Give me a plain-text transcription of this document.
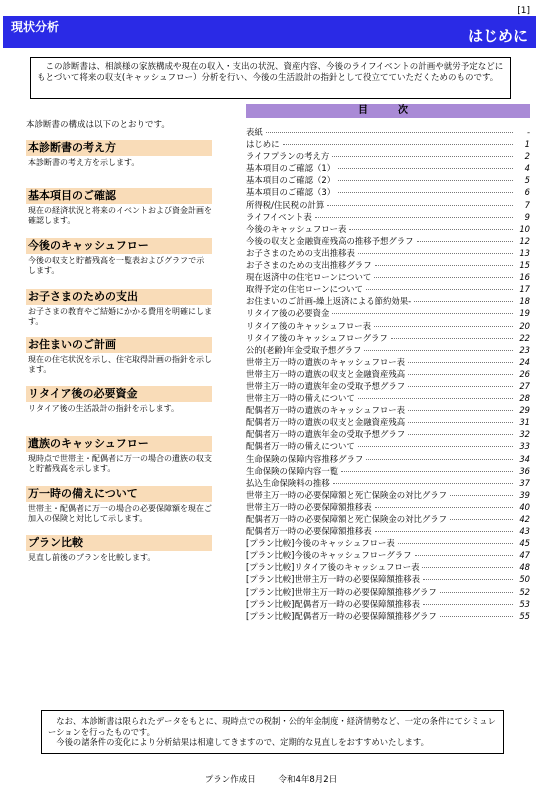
[1]
現状分析	はじめに
　この診断書は、相談様の家族構成や現在の収入・支出の状況、資産内容、今後のライフイベントの計画や就労予定などにもとづいて将来の収支(キャッシュフロー）分析を行い、今後の生活設計の指針として役立てていただくためのものです。
本診断書の構成は以下のとおりです。
本診断書の考え方
本診断書の考え方を示します。
基本項目のご確認
現在の経済状況と将来のイベントおよび資金計画を確認します。
今後のキャッシュフロー
今後の収支と貯蓄残高を一覧表およびグラフで示します。
お子さまのための支出
お子さまの教育やご結婚にかかる費用を明確にします。
お住まいのご計画
現在の住宅状況を示し、住宅取得計画の指針を示します。
リタイア後の必要資金
リタイア後の生活設計の指針を示します。
遺族のキャッシュフロー
現時点で世帯主・配偶者に万一の場合の遺族の収支と貯蓄残高を示します。
万一時の備えについて
世帯主・配偶者に万一の場合の必要保障額を現在ご加入の保険と対比して示します。
プラン比較
見直し前後のプランを比較します。
目　次
表紙	-
はじめに	1
ライフプランの考え方	2
基本項目のご確認（1）	4
基本項目のご確認（2）	5
基本項目のご確認（3）	6
所得税/住民税の計算	7
ライフイベント表	9
今後のキャッシュフロー表	10
今後の収支と金融資産残高の推移予想グラフ	12
お子さまのための支出推移表	13
お子さまのための支出推移グラフ	15
現在返済中の住宅ローンについて	16
取得予定の住宅ローンについて	17
お住まいのご計画-繰上返済による節約効果-	18
リタイア後の必要資金	19
リタイア後のキャッシュフロー表	20
リタイア後のキャッシュフローグラフ	22
公的(老齢)年金受取予想グラフ	23
世帯主万一時の遺族のキャッシュフロー表	24
世帯主万一時の遺族の収支と金融資産残高	26
世帯主万一時の遺族年金の受取予想グラフ	27
世帯主万一時の備えについて	28
配偶者万一時の遺族のキャッシュフロー表	29
配偶者万一時の遺族の収支と金融資産残高	31
配偶者万一時の遺族年金の受取予想グラフ	32
配偶者万一時の備えについて	33
生命保険の保障内容推移グラフ	34
生命保険の保障内容一覧	36
払込生命保険料の推移	37
世帯主万一時の必要保障額と死亡保険金の対比グラフ	39
世帯主万一時の必要保障額推移表	40
配偶者万一時の必要保障額と死亡保険金の対比グラフ	42
配偶者万一時の必要保障額推移表	43
[プラン比較]今後のキャッシュフロー表	45
[プラン比較]今後のキャッシュフローグラフ	47
[プラン比較]リタイア後のキャッシュフロー表	48
[プラン比較]世帯主万一時の必要保障額推移表	50
[プラン比較]世帯主万一時の必要保障額推移グラフ	52
[プラン比較]配偶者万一時の必要保障額推移表	53
[プラン比較]配偶者万一時の必要保障額推移グラフ	55
　なお、本診断書は限られたデータをもとに、現時点での税制・公的年金制度・経済情勢など、一定の条件にてシミュレーションを行ったものです。
　今後の諸条件の変化により分析結果は相違してきますので、定期的な見直しをおすすめいたします。
プラン作成日	令和4年8月2日
